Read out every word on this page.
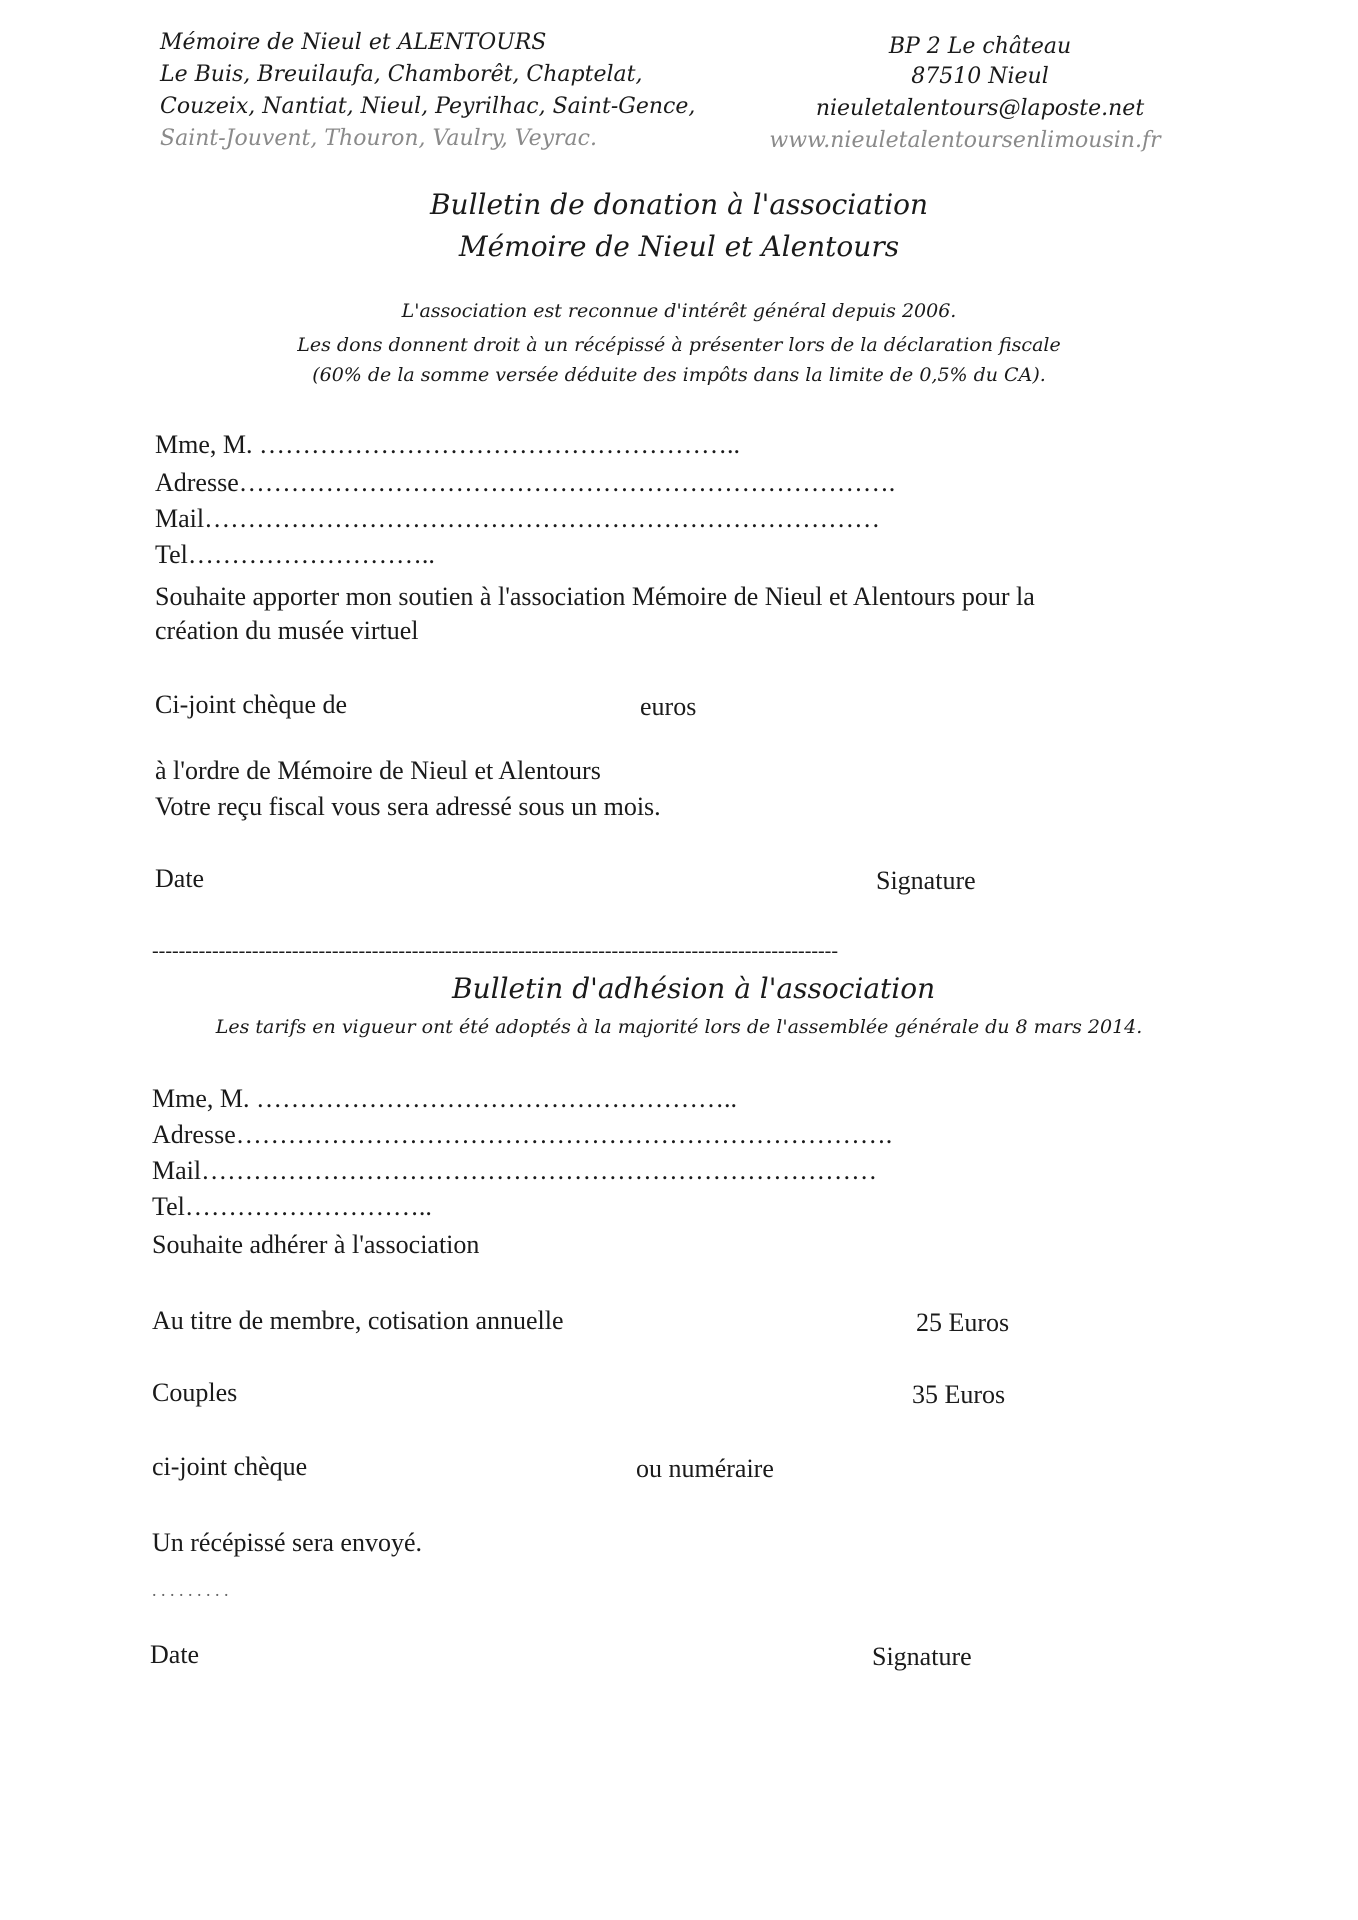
Mémoire de Nieul et ALENTOURS
Le Buis, Breuilaufa, Chamborêt, Chaptelat,
Couzeix, Nantiat, Nieul, Peyrilhac, Saint-Gence,
Saint-Jouvent, Thouron, Vaulry, Veyrac.
BP 2 Le château
87510 Nieul
nieuletalentours@laposte.net
www.nieuletalentoursenlimousin.fr
Bulletin de donation à l'association
Mémoire de Nieul et Alentours
L'association est reconnue d'intérêt général depuis 2006.
Les dons donnent droit à un récépissé à présenter lors de la déclaration fiscale
(60% de la somme versée déduite des impôts dans la limite de 0,5% du CA).
Mme, M. ………………………………………………..
Adresse………………………………………………………………….
Mail……………………………………………………………………
Tel………………………..
Souhaite apporter mon soutien à l'association Mémoire de Nieul et Alentours pour la
création du musée virtuel
Ci-joint chèque de	euros
à l'ordre de Mémoire de Nieul et Alentours
Votre reçu fiscal vous sera adressé sous un mois.
Date	Signature
-------------------------------------------------------------------------------------------------------
Bulletin d'adhésion à l'association
Les tarifs en vigueur ont été adoptés à la majorité lors de l'assemblée générale du 8 mars 2014.
Mme, M. ………………………………………………..
Adresse………………………………………………………………….
Mail……………………………………………………………………
Tel………………………..
Souhaite adhérer à l'association
Au titre de membre, cotisation annuelle	25 Euros
Couples	35 Euros
ci-joint chèque	ou numéraire
Un récépissé sera envoyé.
. . . . . . . . .
Date	Signature
